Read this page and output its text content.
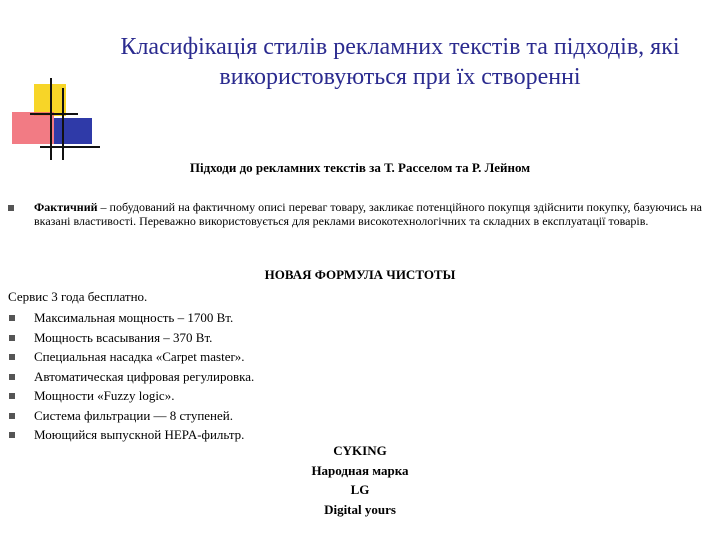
Класифікація стилів рекламних текстів та підходів, які використовуються при їх створенні

Підходи до рекламних текстів за Т. Расселом та Р. Лейном

Фактичний – побудований на фактичному описі переваг товару, закликає потенційного покупця здійснити покупку, базуючись на вказані властивості. Переважно використовується для реклами високотехнологічних та складних в експлуатації товарів.

НОВАЯ ФОРМУЛА ЧИСТОТЫ

Сервис 3 года бесплатно.

Максимальная мощность – 1700 Вт.
Мощность всасывания – 370 Вт.
Специальная насадка «Carpet master».
Автоматическая цифровая регулировка.
Мощности «Fuzzy logic».
Система фильтрации — 8 ступеней.
Моющийся выпускной HEPA-фильтр.
CYKING
Народная марка
LG
Digital yours
